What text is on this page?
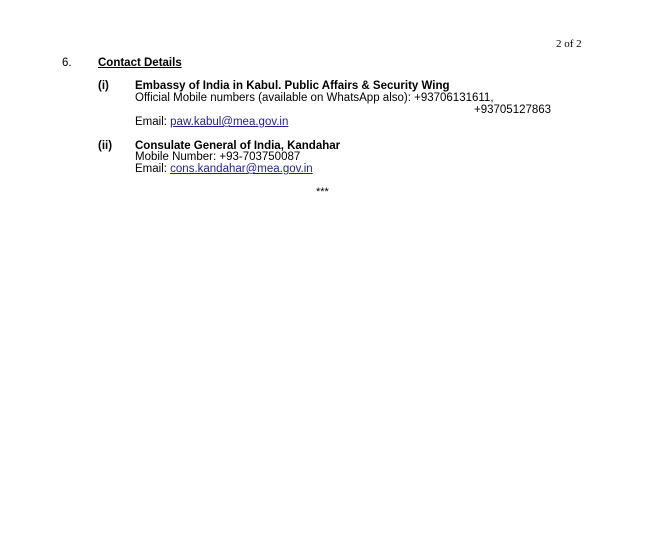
2 of 2
6. Contact Details
(i) Embassy of India in Kabul. Public Affairs & Security Wing
Official Mobile numbers (available on WhatsApp also): +93706131611,
+93705127863
Email: paw.kabul@mea.gov.in
(ii) Consulate General of India, Kandahar
Mobile Number: +93-703750087
Email: cons.kandahar@mea.gov.in
***
